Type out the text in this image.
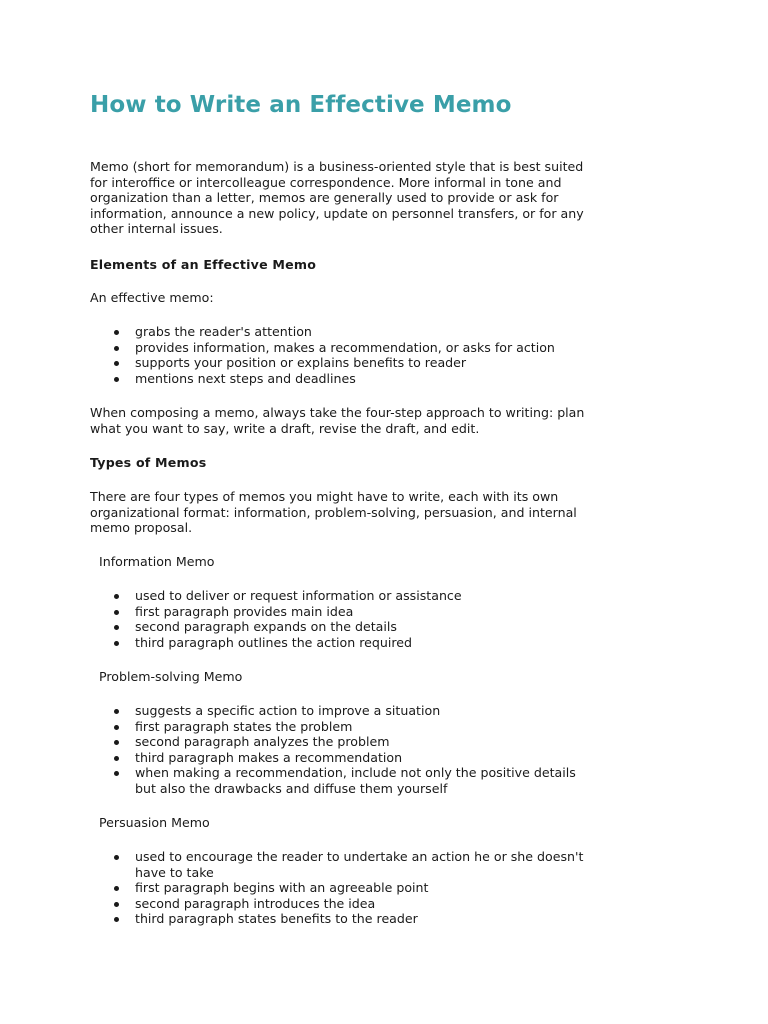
How to Write an Effective Memo

Memo (short for memorandum) is a business-oriented style that is best suited for interoffice or intercolleague correspondence. More informal in tone and organization than a letter, memos are generally used to provide or ask for information, announce a new policy, update on personnel transfers, or for any other internal issues.

Elements of an Effective Memo

An effective memo:

grabs the reader's attention
provides information, makes a recommendation, or asks for action
supports your position or explains benefits to reader
mentions next steps and deadlines

When composing a memo, always take the four-step approach to writing: plan what you want to say, write a draft, revise the draft, and edit.

Types of Memos

There are four types of memos you might have to write, each with its own organizational format: information, problem-solving, persuasion, and internal memo proposal.

Information Memo

used to deliver or request information or assistance
first paragraph provides main idea
second paragraph expands on the details
third paragraph outlines the action required

Problem-solving Memo

suggests a specific action to improve a situation
first paragraph states the problem
second paragraph analyzes the problem
third paragraph makes a recommendation
when making a recommendation, include not only the positive details but also the drawbacks and diffuse them yourself

Persuasion Memo

used to encourage the reader to undertake an action he or she doesn't have to take
first paragraph begins with an agreeable point
second paragraph introduces the idea
third paragraph states benefits to the reader
